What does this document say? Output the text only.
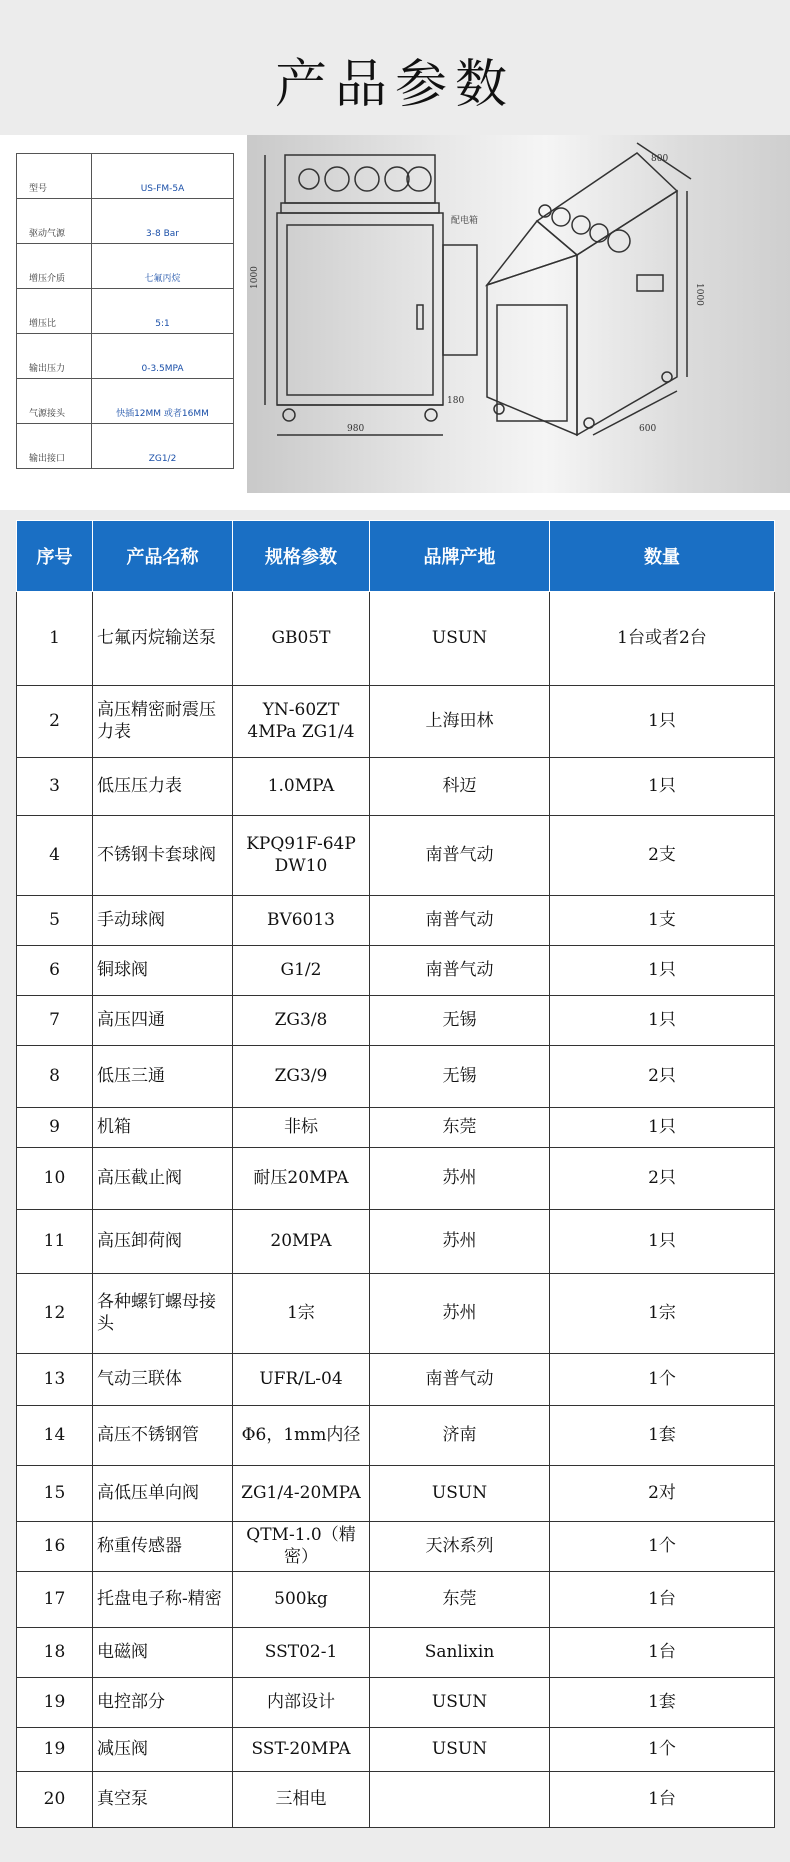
产品参数
型号	US-FM-5A
驱动气源	3-8 Bar
增压介质	七氟丙烷
增压比	5:1
输出压力	0-3.5MPA
气源接头	快插12MM 或者16MM
输出接口	ZG1/2
1000
980
180
配电箱
800
1000
600
序号	产品名称	规格参数	品牌产地	数量
1	七氟丙烷输送泵	GB05T	USUN	1台或者2台
2	高压精密耐震压力表	YN-60ZT 4MPa ZG1/4	上海田林	1只
3	低压压力表	1.0MPA	科迈	1只
4	不锈钢卡套球阀	KPQ91F-64P DW10	南普气动	2支
5	手动球阀	BV6013	南普气动	1支
6	铜球阀	G1/2	南普气动	1只
7	高压四通	ZG3/8	无锡	1只
8	低压三通	ZG3/9	无锡	2只
9	机箱	非标	东莞	1只
10	高压截止阀	耐压20MPA	苏州	2只
11	高压卸荷阀	20MPA	苏州	1只
12	各种螺钉螺母接头	1宗	苏州	1宗
13	气动三联体	UFR/L-04	南普气动	1个
14	高压不锈钢管	Φ6，1mm内径	济南	1套
15	高低压单向阀	ZG1/4-20MPA	USUN	2对
16	称重传感器	QTM-1.0（精密）	天沐系列	1个
17	托盘电子称-精密	500kg	东莞	1台
18	电磁阀	SST02-1	Sanlixin	1台
19	电控部分	内部设计	USUN	1套
19	减压阀	SST-20MPA	USUN	1个
20	真空泵	三相电		1台
